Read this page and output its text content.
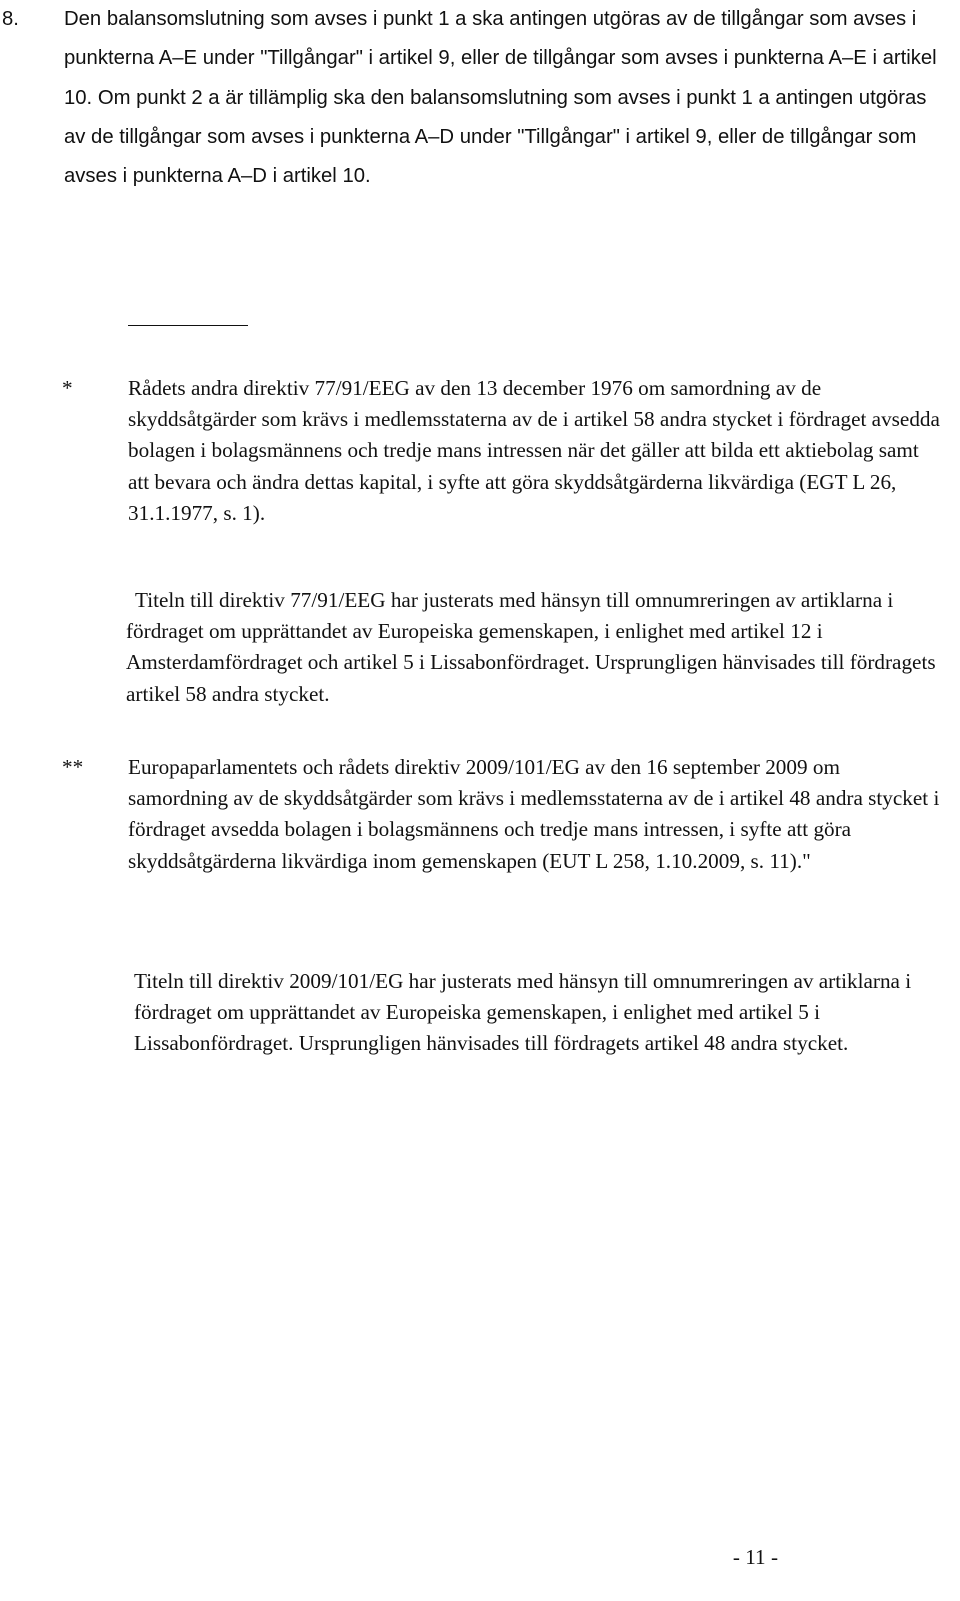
8. Den balansomslutning som avses i punkt 1 a ska antingen utgöras av de tillgångar som avses i punkterna A–E under "Tillgångar" i artikel 9, eller de tillgångar som avses i punkterna A–E i artikel 10. Om punkt 2 a är tillämplig ska den balansomslutning som avses i punkt 1 a antingen utgöras av de tillgångar som avses i punkterna A–D under "Tillgångar" i artikel 9, eller de tillgångar som avses i punkterna A–D i artikel 10.
*	Rådets andra direktiv 77/91/EEG av den 13 december 1976 om samordning av de skyddsåtgärder som krävs i medlemsstaterna av de i artikel 58 andra stycket i fördraget avsedda bolagen i bolagsmännens och tredje mans intressen när det gäller att bilda ett aktiebolag samt att bevara och ändra dettas kapital, i syfte att göra skyddsåtgärderna likvärdiga (EGT L 26, 31.1.1977, s. 1).
Titeln till direktiv 77/91/EEG har justerats med hänsyn till omnumreringen av artiklarna i fördraget om upprättandet av Europeiska gemenskapen, i enlighet med artikel 12 i Amsterdamfördraget och artikel 5 i Lissabonfördraget. Ursprungligen hänvisades till fördragets artikel 58 andra stycket.
** Europaparlamentets och rådets direktiv 2009/101/EG av den 16 september 2009 om samordning av de skyddsåtgärder som krävs i medlemsstaterna av de i artikel 48 andra stycket i fördraget avsedda bolagen i bolagsmännens och tredje mans intressen, i syfte att göra skyddsåtgärderna likvärdiga inom gemenskapen (EUT L 258, 1.10.2009, s. 11)."
Titeln till direktiv 2009/101/EG har justerats med hänsyn till omnumreringen av artiklarna i fördraget om upprättandet av Europeiska gemenskapen, i enlighet med artikel 5 i Lissabonfördraget. Ursprungligen hänvisades till fördragets artikel 48 andra stycket.
- 11 -
